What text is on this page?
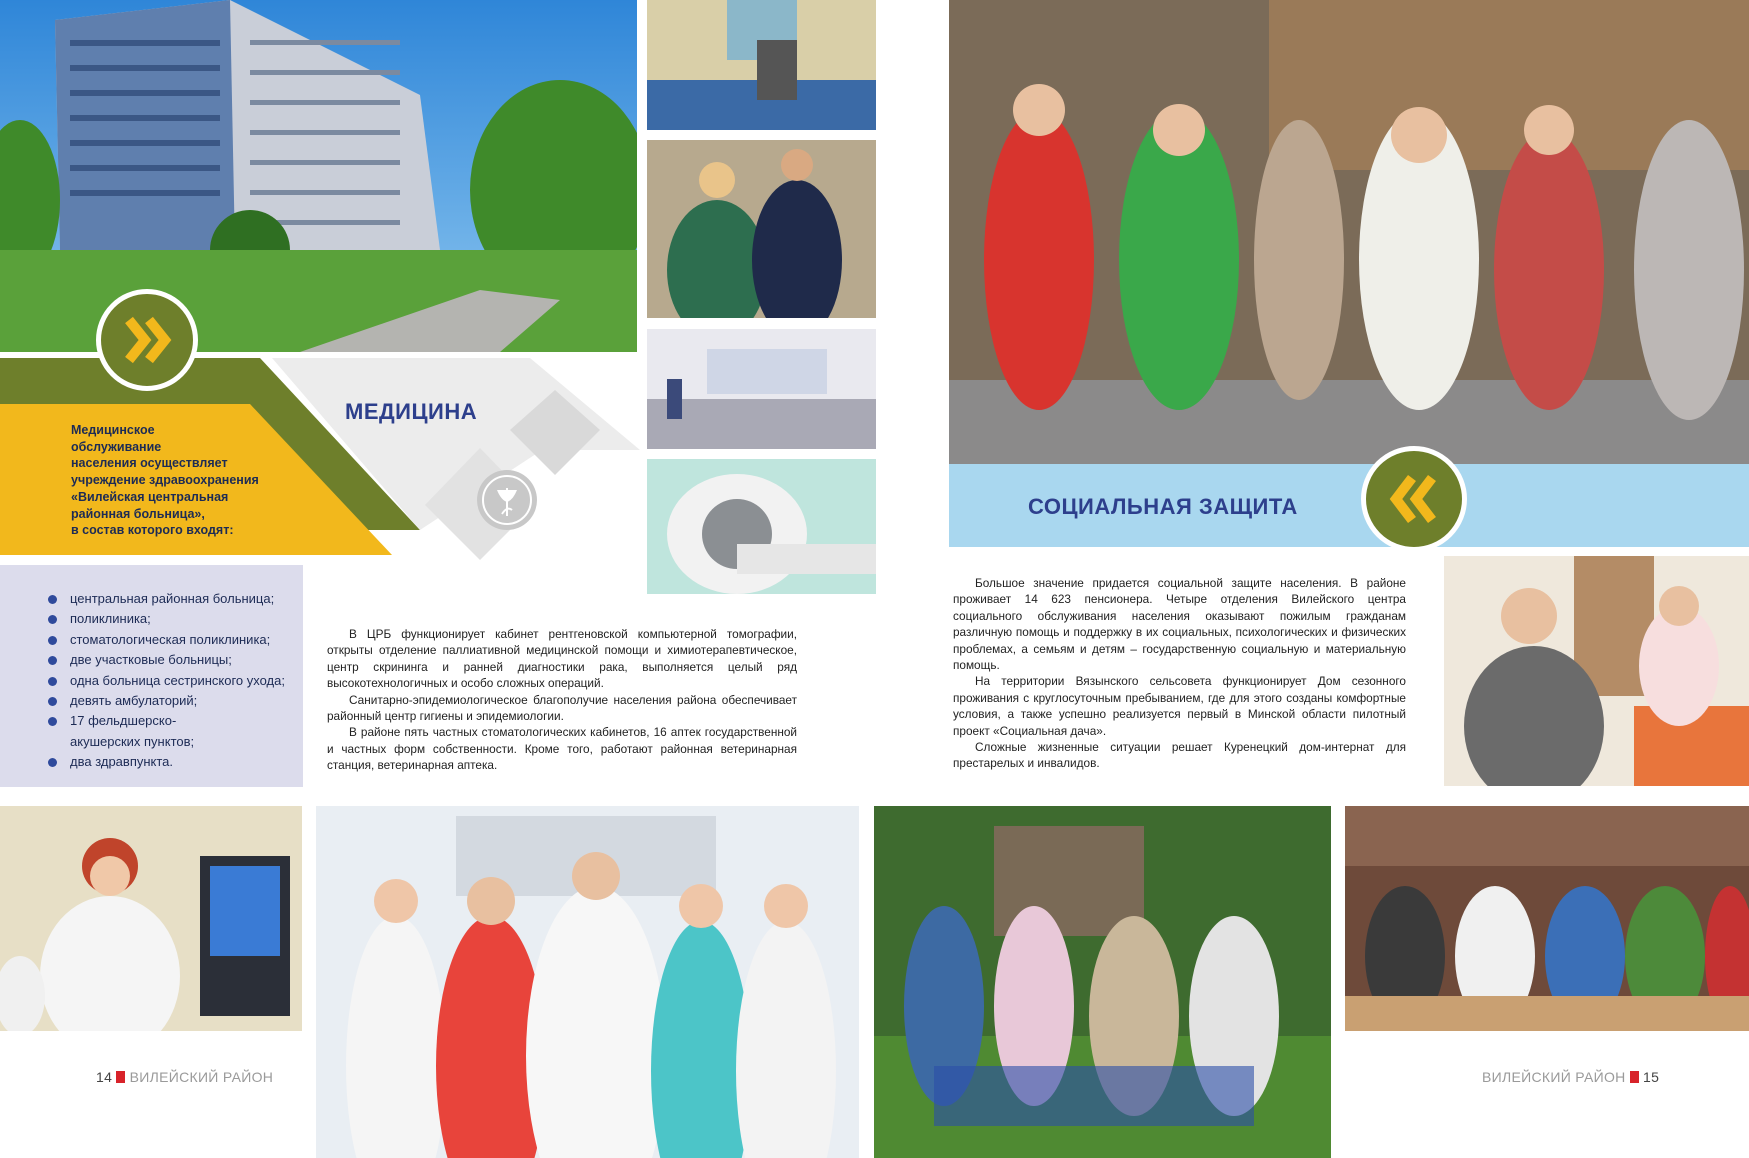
МЕДИЦИНА
Медицинское
обслуживание
населения осуществляет
учреждение здравоохранения
«Вилейская центральная
районная больница»,
в состав которого входят:
центральная районная больница;
поликлиника;
стоматологическая поликлиника;
две участковые больницы;
одна больница сестринского ухода;
девять амбулаторий;
17 фельдшерско-
акушерских пунктов;
два здравпункта.

В ЦРБ функционирует кабинет рентгеновской компьютерной томографии, открыты отделение паллиативной медицинской помощи и химиотерапевтическое, центр скрининга и ранней диагностики рака, выполняется целый ряд высокотехнологичных и особо сложных операций.

Санитарно-эпидемиологическое благополучие населения района обеспечивает районный центр гигиены и эпидемиологии.

В районе пять частных стоматологических кабинетов, 16 аптек государственной и частных форм собственности. Кроме того, работают районная ветеринарная станция, ветеринарная аптека.

14 ВИЛЕЙСКИЙ РАЙОН
СОЦИАЛЬНАЯ ЗАЩИТА

Большое значение придается социальной защите населения. В районе проживает 14 623 пенсионера. Четыре отделения Вилейского центра социального обслуживания населения оказывают пожилым гражданам различную помощь и поддержку в их социальных, психологических и физических проблемах, а семьям и детям – государственную социальную и материальную помощь.

На территории Вязынского сельсовета функционирует Дом сезонного проживания с круглосуточным пребыванием, где для этого созданы комфортные условия, а также успешно реализуется первый в Минской области пилотный проект «Социальная дача».

Сложные жизненные ситуации решает Куренецкий дом-интернат для престарелых и инвалидов.

ВИЛЕЙСКИЙ РАЙОН 15
